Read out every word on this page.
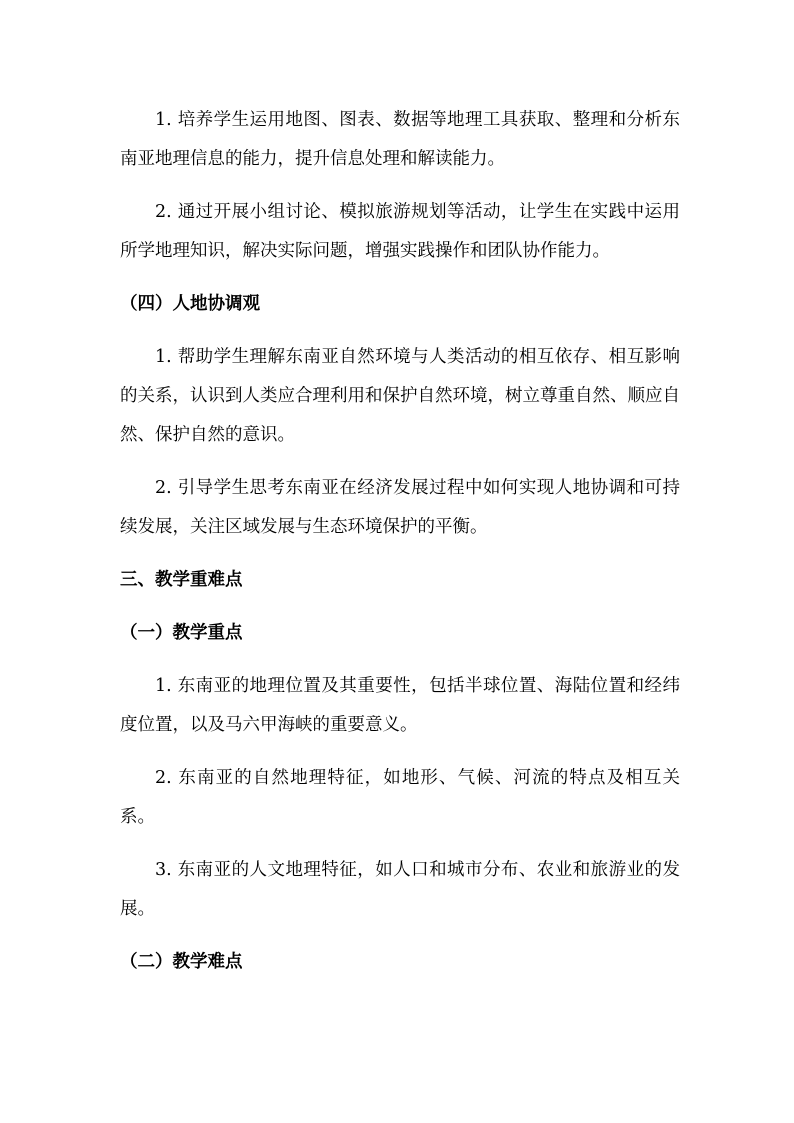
1. 培养学生运用地图、图表、数据等地理工具获取、整理和分析东南亚地理信息的能力，提升信息处理和解读能力。

2. 通过开展小组讨论、模拟旅游规划等活动，让学生在实践中运用所学地理知识，解决实际问题，增强实践操作和团队协作能力。

（四）人地协调观

1. 帮助学生理解东南亚自然环境与人类活动的相互依存、相互影响的关系，认识到人类应合理利用和保护自然环境，树立尊重自然、顺应自然、保护自然的意识。

2. 引导学生思考东南亚在经济发展过程中如何实现人地协调和可持续发展，关注区域发展与生态环境保护的平衡。

三、教学重难点

（一）教学重点

1. 东南亚的地理位置及其重要性，包括半球位置、海陆位置和经纬度位置，以及马六甲海峡的重要意义。

2. 东南亚的自然地理特征，如地形、气候、河流的特点及相互关系。

3. 东南亚的人文地理特征，如人口和城市分布、农业和旅游业的发展。

（二）教学难点
